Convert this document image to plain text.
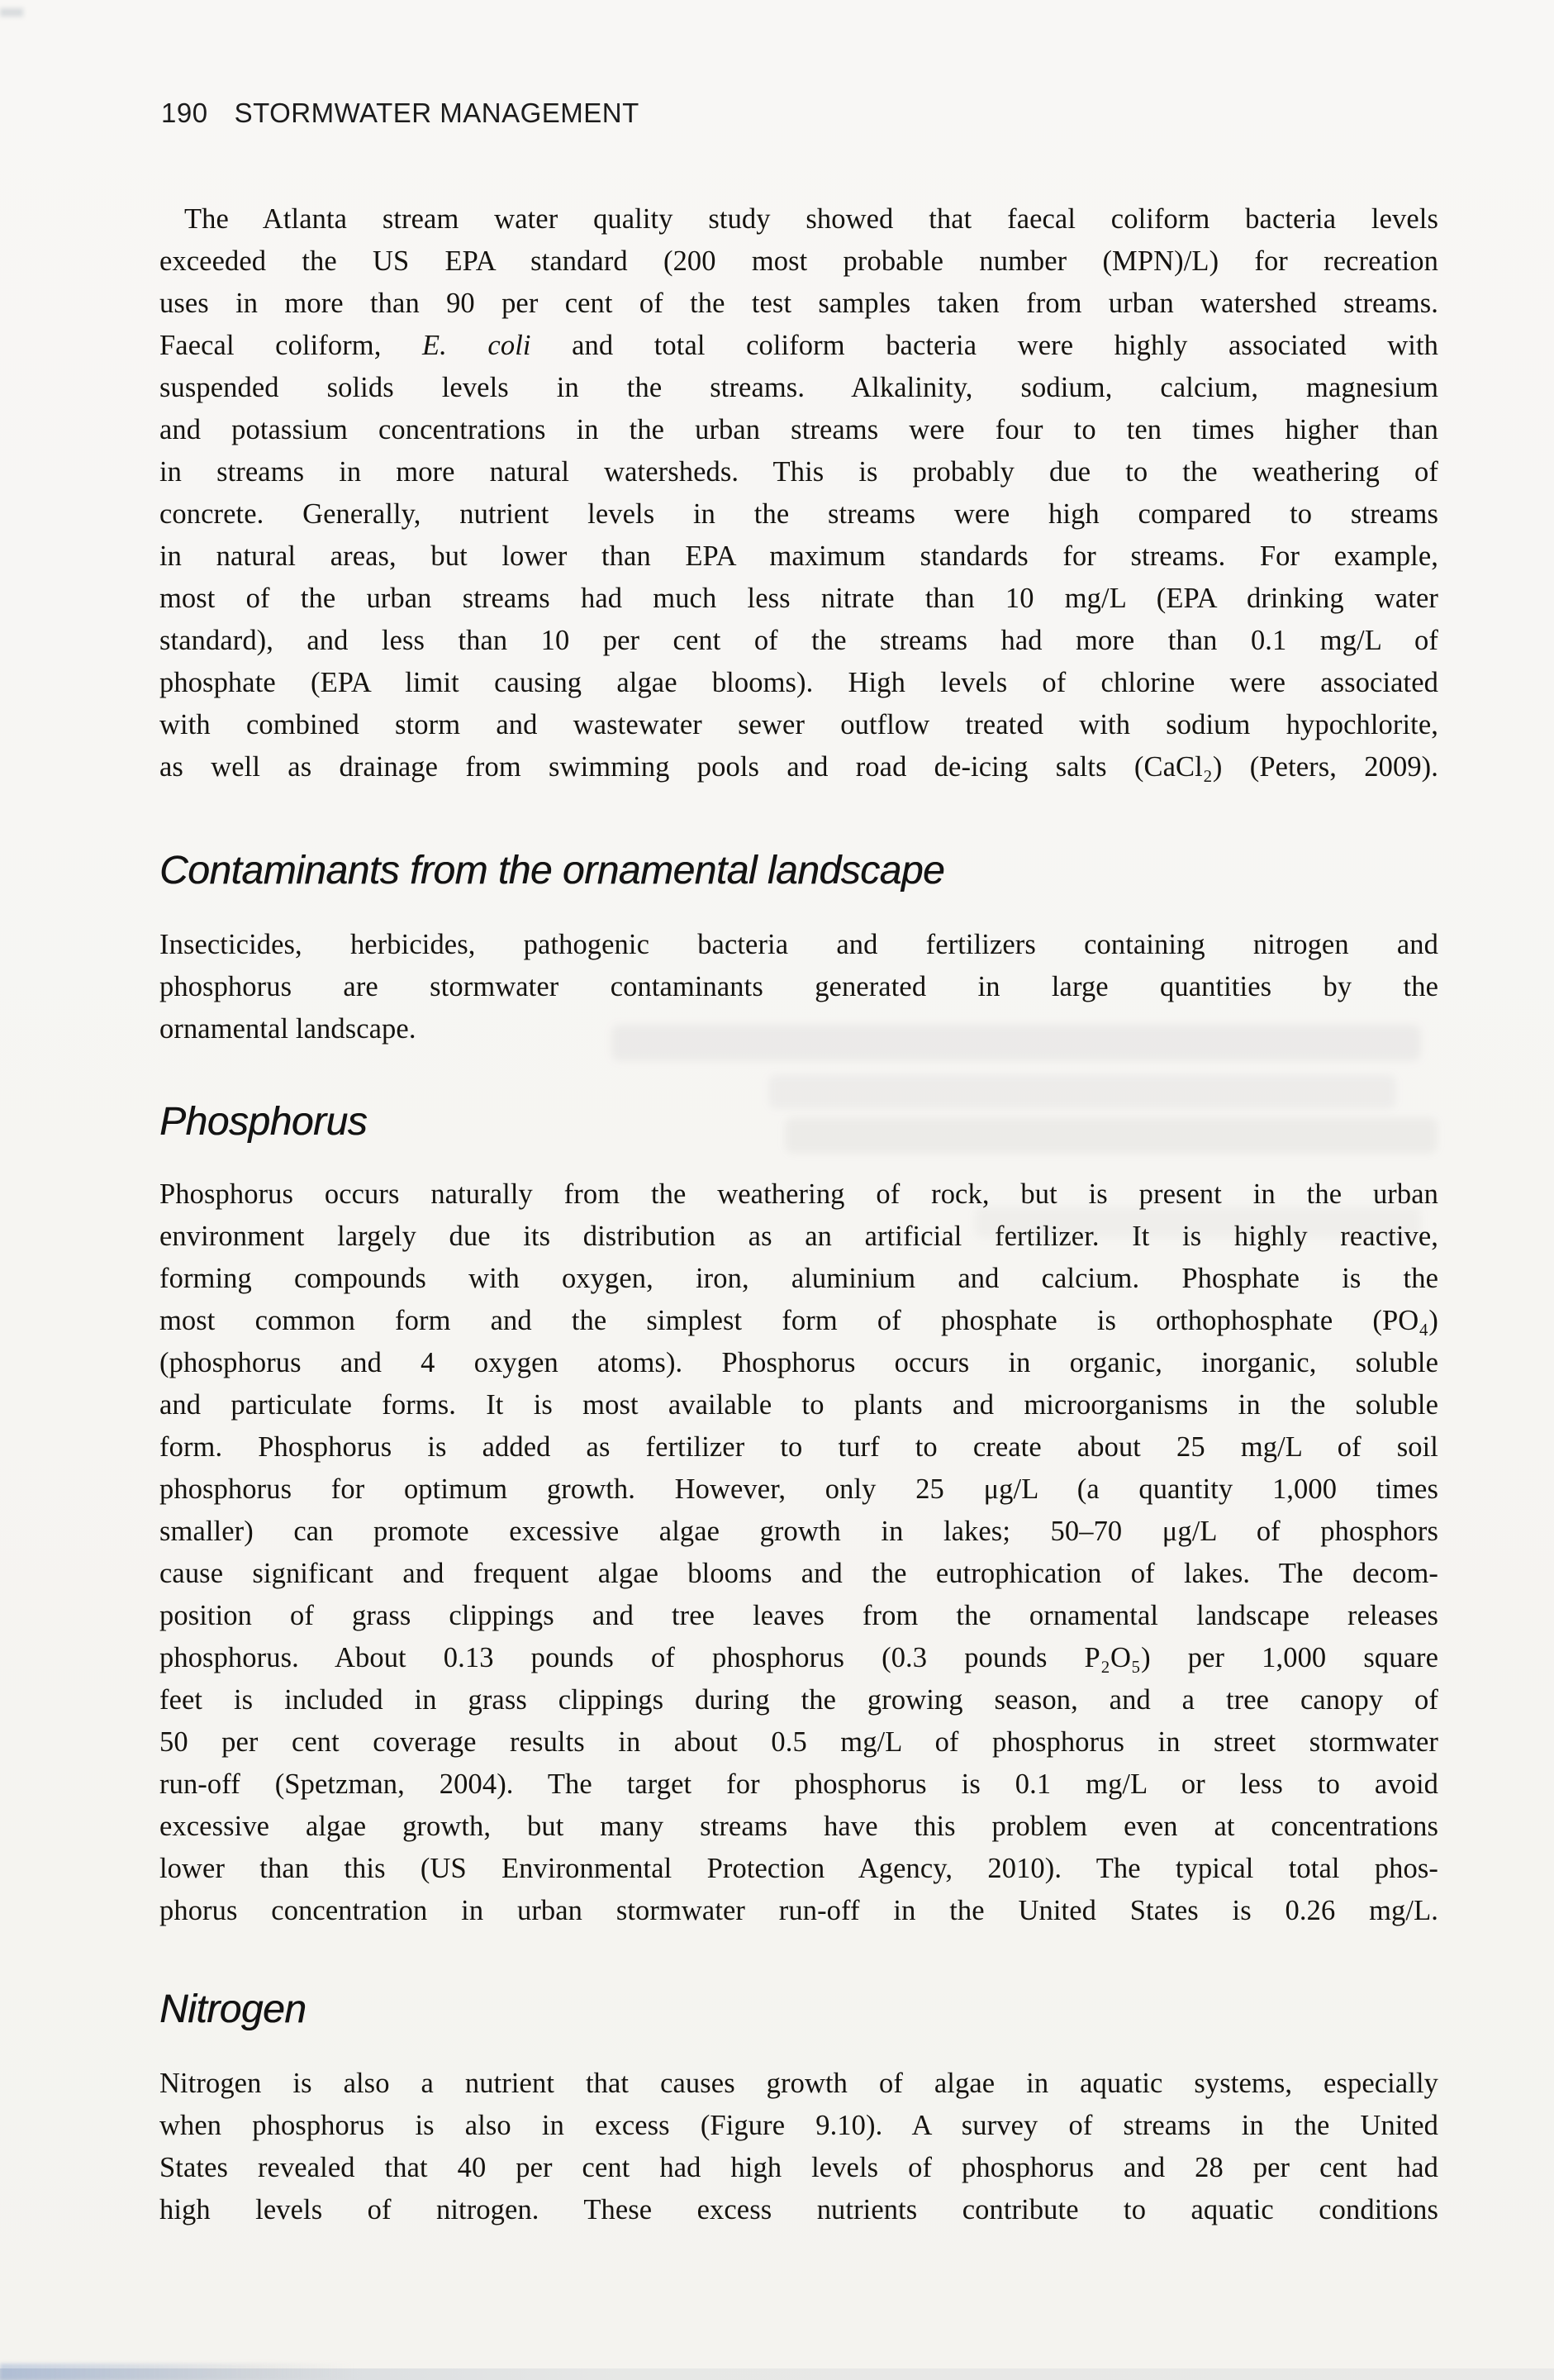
190 STORMWATER MANAGEMENT
The Atlanta stream water quality study showed that faecal coliform bacteria levels
exceeded the US EPA standard (200 most probable number (MPN)/L) for recreation
uses in more than 90 per cent of the test samples taken from urban watershed streams.
Faecal coliform, E. coli and total coliform bacteria were highly associated with
suspended solids levels in the streams. Alkalinity, sodium, calcium, magnesium
and potassium concentrations in the urban streams were four to ten times higher than
in streams in more natural watersheds. This is probably due to the weathering of
concrete. Generally, nutrient levels in the streams were high compared to streams
in natural areas, but lower than EPA maximum standards for streams. For example,
most of the urban streams had much less nitrate than 10 mg/L (EPA drinking water
standard), and less than 10 per cent of the streams had more than 0.1 mg/L of
phosphate (EPA limit causing algae blooms). High levels of chlorine were associated
with combined storm and wastewater sewer outflow treated with sodium hypochlorite,
as well as drainage from swimming pools and road de-icing salts (CaCl₂) (Peters, 2009).
Contaminants from the ornamental landscape
Insecticides, herbicides, pathogenic bacteria and fertilizers containing nitrogen and
phosphorus are stormwater contaminants generated in large quantities by the
ornamental landscape.
Phosphorus
Phosphorus occurs naturally from the weathering of rock, but is present in the urban
environment largely due its distribution as an artificial fertilizer. It is highly reactive,
forming compounds with oxygen, iron, aluminium and calcium. Phosphate is the
most common form and the simplest form of phosphate is orthophosphate (PO₄)
(phosphorus and 4 oxygen atoms). Phosphorus occurs in organic, inorganic, soluble
and particulate forms. It is most available to plants and microorganisms in the soluble
form. Phosphorus is added as fertilizer to turf to create about 25 mg/L of soil
phosphorus for optimum growth. However, only 25 μg/L (a quantity 1,000 times
smaller) can promote excessive algae growth in lakes; 50–70 μg/L of phosphors
cause significant and frequent algae blooms and the eutrophication of lakes. The decom-
position of grass clippings and tree leaves from the ornamental landscape releases
phosphorus. About 0.13 pounds of phosphorus (0.3 pounds P₂O₅) per 1,000 square
feet is included in grass clippings during the growing season, and a tree canopy of
50 per cent coverage results in about 0.5 mg/L of phosphorus in street stormwater
run-off (Spetzman, 2004). The target for phosphorus is 0.1 mg/L or less to avoid
excessive algae growth, but many streams have this problem even at concentrations
lower than this (US Environmental Protection Agency, 2010). The typical total phos-
phorus concentration in urban stormwater run-off in the United States is 0.26 mg/L.
Nitrogen
Nitrogen is also a nutrient that causes growth of algae in aquatic systems, especially
when phosphorus is also in excess (Figure 9.10). A survey of streams in the United
States revealed that 40 per cent had high levels of phosphorus and 28 per cent had
high levels of nitrogen. These excess nutrients contribute to aquatic conditions
